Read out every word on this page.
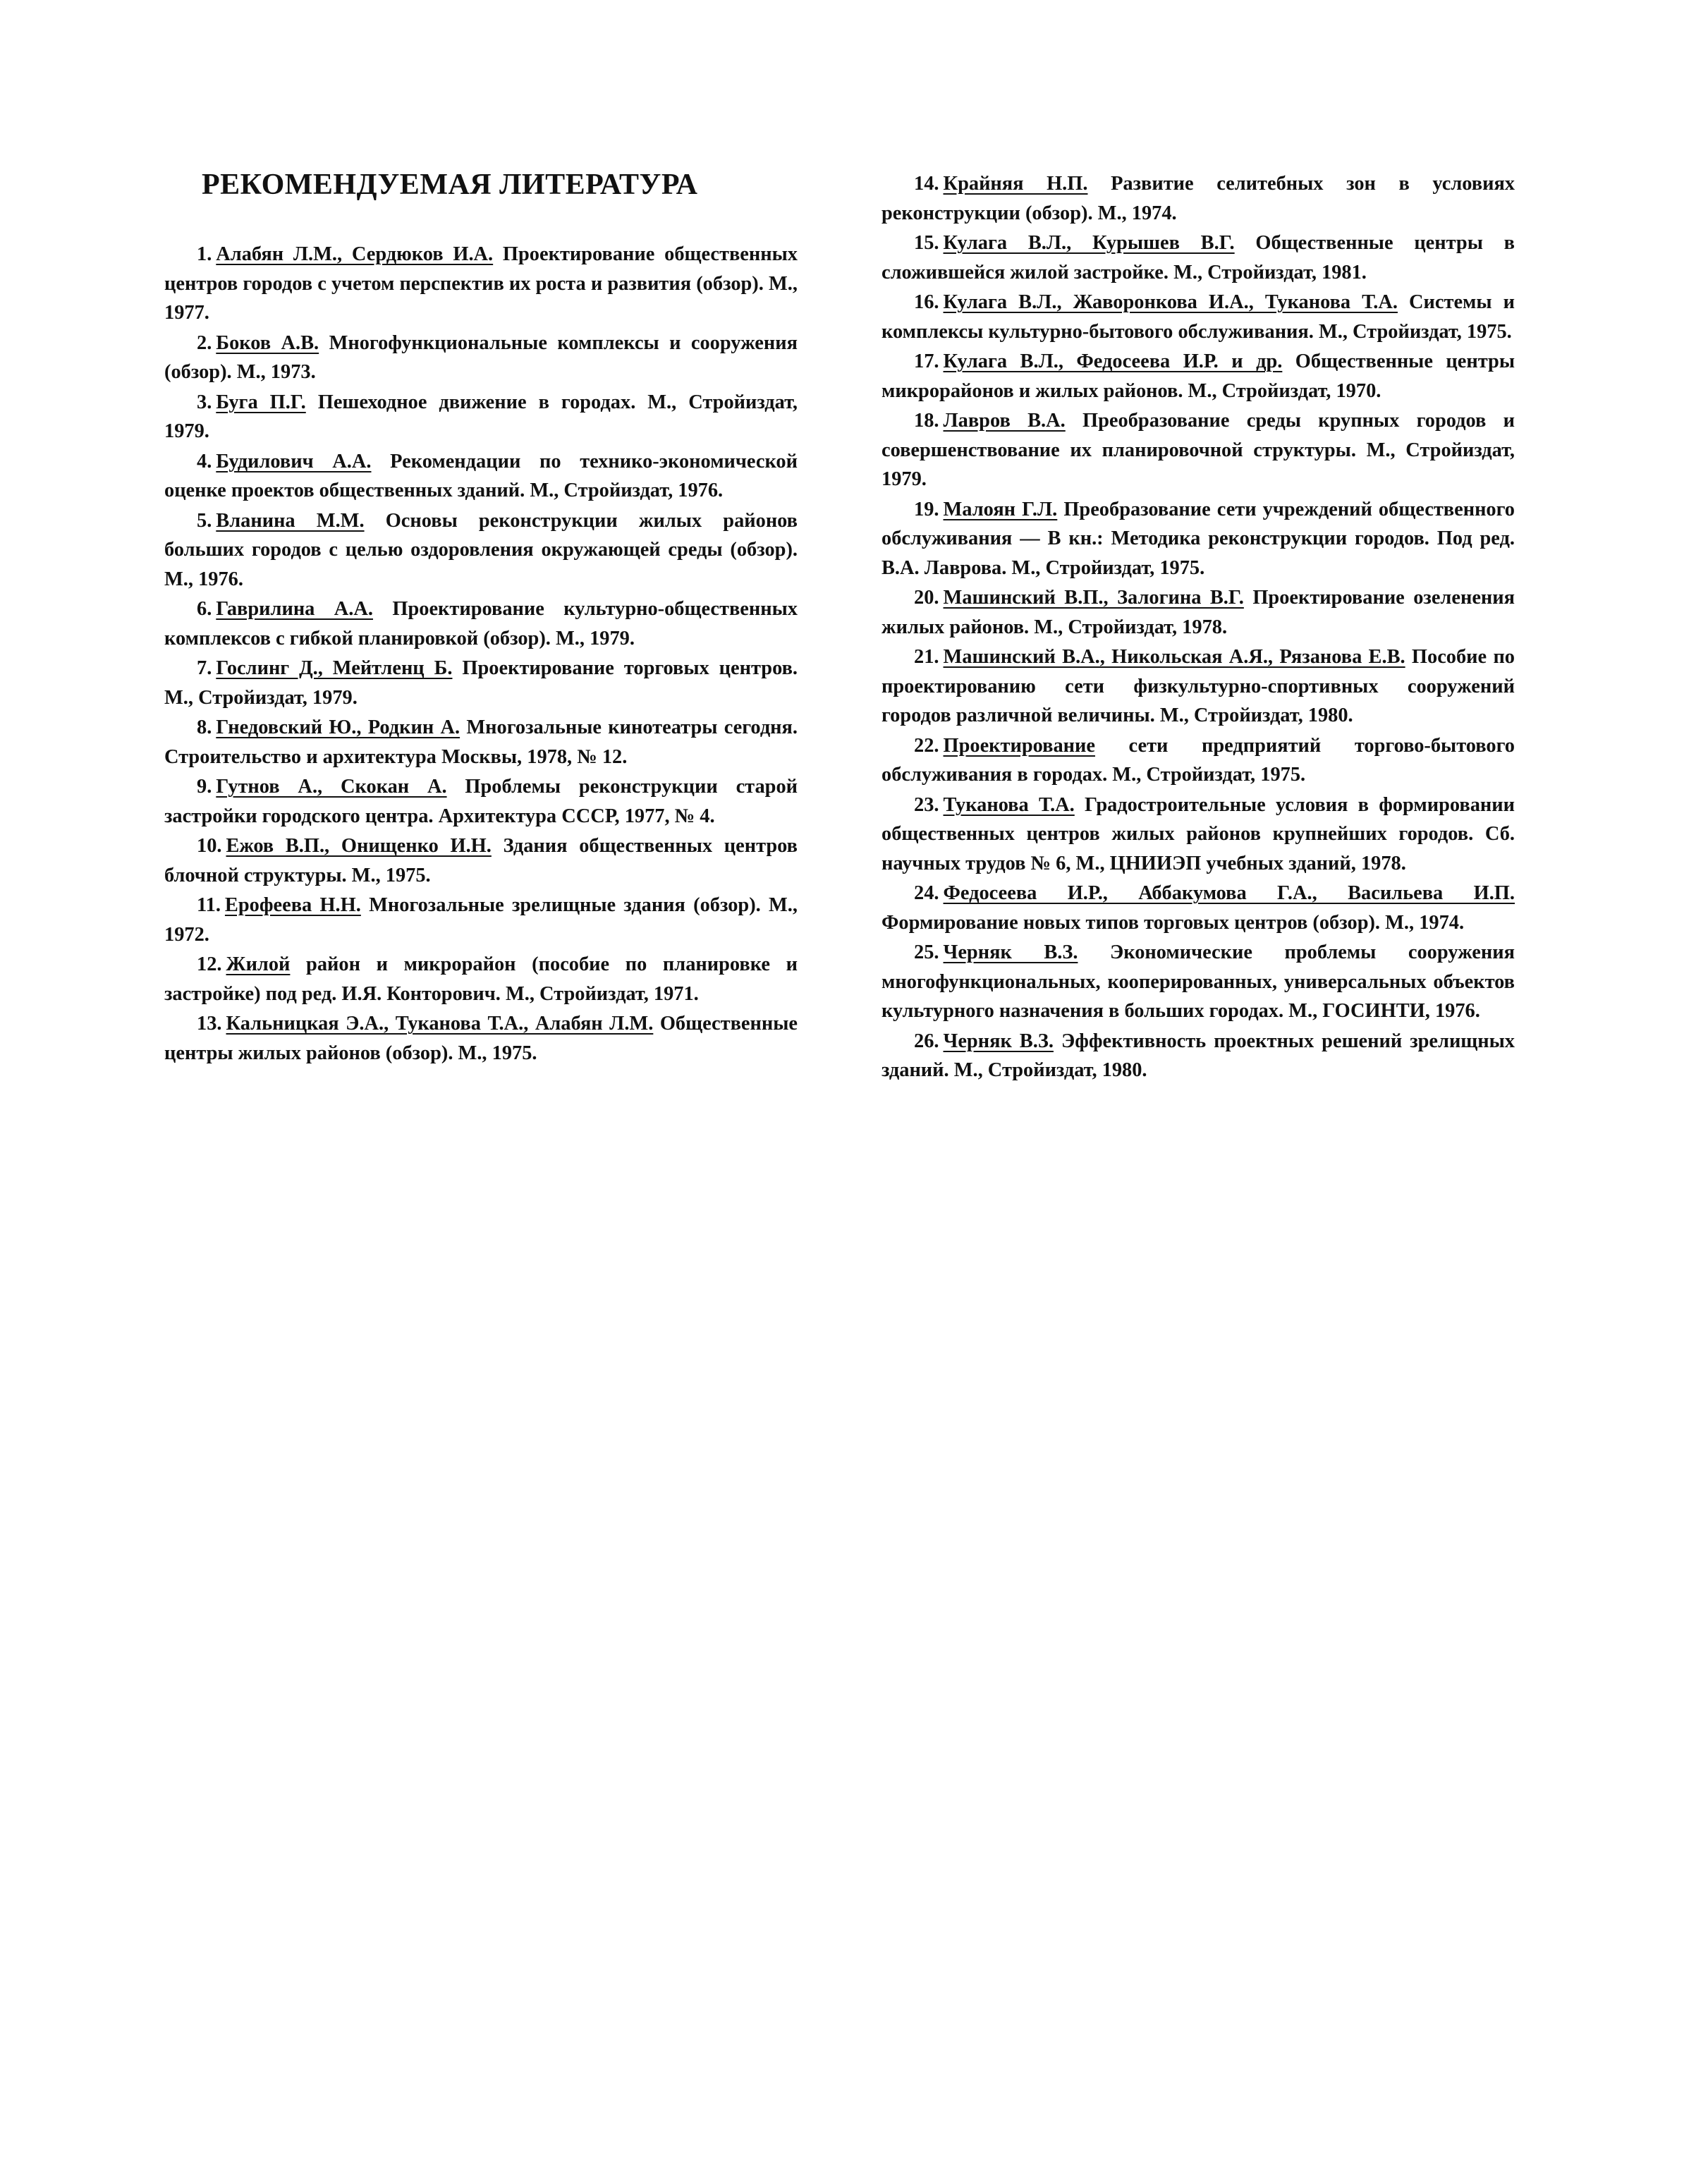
РЕКОМЕНДУЕМАЯ ЛИТЕРАТУРА

1. Алабян Л.М., Сердюков И.А. Проектирование общественных центров городов с учетом перспектив их роста и развития (обзор). М., 1977.

2. Боков А.В. Многофункциональные комплексы и сооружения (обзор). М., 1973.

3. Буга П.Г. Пешеходное движение в городах. М., Стройиздат, 1979.

4. Будилович А.А. Рекомендации по технико-экономической оценке проектов общественных зданий. М., Стройиздат, 1976.

5. Вланина М.М. Основы реконструкции жилых районов больших городов с целью оздоровления окружающей среды (обзор). М., 1976.

6. Гаврилина А.А. Проектирование культурно-общественных комплексов с гибкой планировкой (обзор). М., 1979.

7. Гослинг Д., Мейтленц Б. Проектирование торговых центров. М., Стройиздат, 1979.

8. Гнедовский Ю., Родкин А. Многозальные кинотеатры сегодня. Строительство и архитектура Москвы, 1978, № 12.

9. Гутнов А., Скокан А. Проблемы реконструкции старой застройки городского центра. Архитектура СССР, 1977, № 4.

10. Ежов В.П., Онищенко И.Н. Здания общественных центров блочной структуры. М., 1975.

11. Ерофеева Н.Н. Многозальные зрелищные здания (обзор). М., 1972.

12. Жилой район и микрорайон (пособие по планировке и застройке) под ред. И.Я. Конторович. М., Стройиздат, 1971.

13. Кальницкая Э.А., Туканова Т.А., Алабян Л.М. Общественные центры жилых районов (обзор). М., 1975.

14. Крайняя Н.П. Развитие селитебных зон в условиях реконструкции (обзор). М., 1974.

15. Кулага В.Л., Курышев В.Г. Общественные центры в сложившейся жилой застройке. М., Стройиздат, 1981.

16. Кулага В.Л., Жаворонкова И.А., Туканова Т.А. Системы и комплексы культурно-бытового обслуживания. М., Стройиздат, 1975.

17. Кулага В.Л., Федосеева И.Р. и др. Общественные центры микрорайонов и жилых районов. М., Стройиздат, 1970.

18. Лавров В.А. Преобразование среды крупных городов и совершенствование их планировочной структуры. М., Стройиздат, 1979.

19. Малоян Г.Л. Преобразование сети учреждений общественного обслуживания — В кн.: Методика реконструкции городов. Под ред. В.А. Лаврова. М., Стройиздат, 1975.

20. Машинский В.П., Залогина В.Г. Проектирование озеленения жилых районов. М., Стройиздат, 1978.

21. Машинский В.А., Никольская А.Я., Рязанова Е.В. Пособие по проектированию сети физкультурно-спортивных сооружений городов различной величины. М., Стройиздат, 1980.

22. Проектирование сети предприятий торгово-бытового обслуживания в городах. М., Стройиздат, 1975.

23. Туканова Т.А. Градостроительные условия в формировании общественных центров жилых районов крупнейших городов. Сб. научных трудов № 6, М., ЦНИИЭП учебных зданий, 1978.

24. Федосеева И.Р., Аббакумова Г.А., Васильева И.П. Формирование новых типов торговых центров (обзор). М., 1974.

25. Черняк В.З. Экономические проблемы сооружения многофункциональных, кооперированных, универсальных объектов культурного назначения в больших городах. М., ГОСИНТИ, 1976.

26. Черняк В.З. Эффективность проектных решений зрелищных зданий. М., Стройиздат, 1980.
